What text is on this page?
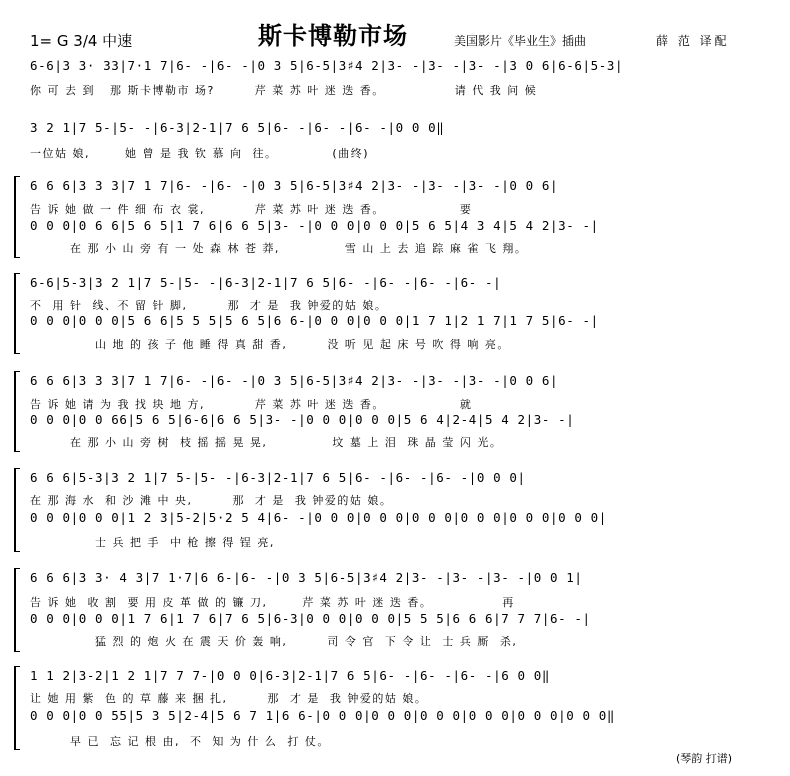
1= G 3/4 中速	斯卡博勒市场	美国影片《毕业生》插曲	薛 范 译配
6-6|3 3· 33|7·1 7|6- -|6- -|0 3 5|6-5|3♯4 2|3- -|3- -|3- -|3 0 6|6-6|5-3|
你 可 去 到   那 斯卡博勒市 场?        芹 菜 苏 叶 迷 迭 香。              请 代 我 问 候
3 2 1|7 5-|5- -|6-3|2-1|7 6 5|6- -|6- -|6- -|0 0 0‖
一位姑 娘,       她 曾 是 我 钦 慕 向  往。           (曲终)
6 6 6|3 3 3|7 1 7|6- -|6- -|0 3 5|6-5|3♯4 2|3- -|3- -|3- -|0 0 6|
告 诉 她 做 一 件 细 布 衣 裳,          芹 菜 苏 叶 迷 迭 香。               要
0 0 0|0 6 6|5 6 5|1 7 6|6 6 5|3- -|0 0 0|0 0 0|5 6 5|4 3 4|5 4 2|3- -|
在 那 小 山 旁 有 一 处 森 林 苍 莽,             雪 山 上 去 追 踪 麻 雀 飞 翔。
6-6|5-3|3 2 1|7 5-|5- -|6-3|2-1|7 6 5|6- -|6- -|6- -|6- -|
不  用 针  线、不 留 针 脚,        那  才 是  我 钟爱的姑 娘。
0 0 0|0 0 0|5 6 6|5 5 5|5 6 5|6 6-|0 0 0|0 0 0|1 7 1|2 1 7|1 7 5|6- -|
山 地 的 孩 子 他 睡 得 真 甜 香,        没 听 见 起 床 号 吹 得 响 亮。
6 6 6|3 3 3|7 1 7|6- -|6- -|0 3 5|6-5|3♯4 2|3- -|3- -|3- -|0 0 6|
告 诉 她 请 为 我 找 块 地 方,          芹 菜 苏 叶 迷 迭 香。               就
0 0 0|0 0 66|5 6 5|6-6|6 6 5|3- -|0 0 0|0 0 0|5 6 4|2-4|5 4 2|3- -|
在 那 小 山 旁 树  枝 摇 摇 晃 晃,             坟 墓 上 泪  珠 晶 莹 闪 光。
6 6 6|5-3|3 2 1|7 5-|5- -|6-3|2-1|7 6 5|6- -|6- -|6- -|0 0 0|
在 那 海 水  和 沙 滩 中 央,        那  才 是  我 钟爱的姑 娘。
0 0 0|0 0 0|1 2 3|5-2|5·2 5 4|6- -|0 0 0|0 0 0|0 0 0|0 0 0|0 0 0|0 0 0|
士 兵 把 手  中 枪 擦 得 锃 亮,
6 6 6|3 3· 4 3|7 1·7|6 6-|6- -|0 3 5|6-5|3♯4 2|3- -|3- -|3- -|0 0 1|
告 诉 她  收 割  要 用 皮 革 做 的 镰 刀,       芹 菜 苏 叶 迷 迭 香。              再
0 0 0|0 0 0|1 7 6|1 7 6|7 6 5|6-3|0 0 0|0 0 0|5 5 5|6 6 6|7 7 7|6- -|
猛 烈 的 炮 火 在 震 天 价 轰 响,        司 令 官  下 令 让  士 兵 厮  杀,
1 1 2|3-2|1 2 1|7 7 7-|0 0 0|6-3|2-1|7 6 5|6- -|6- -|6- -|6 0 0‖
让 她 用 紫  色 的 草 藤 来 捆 扎,        那  才 是  我 钟爱的姑 娘。
0 0 0|0 0 55|5 3 5|2-4|5 6 7 1|6 6-|0 0 0|0 0 0|0 0 0|0 0 0|0 0 0|0 0 0‖
早 已  忘 记 根 由,  不  知 为 什 么  打 仗。
(琴韵 打谱)
